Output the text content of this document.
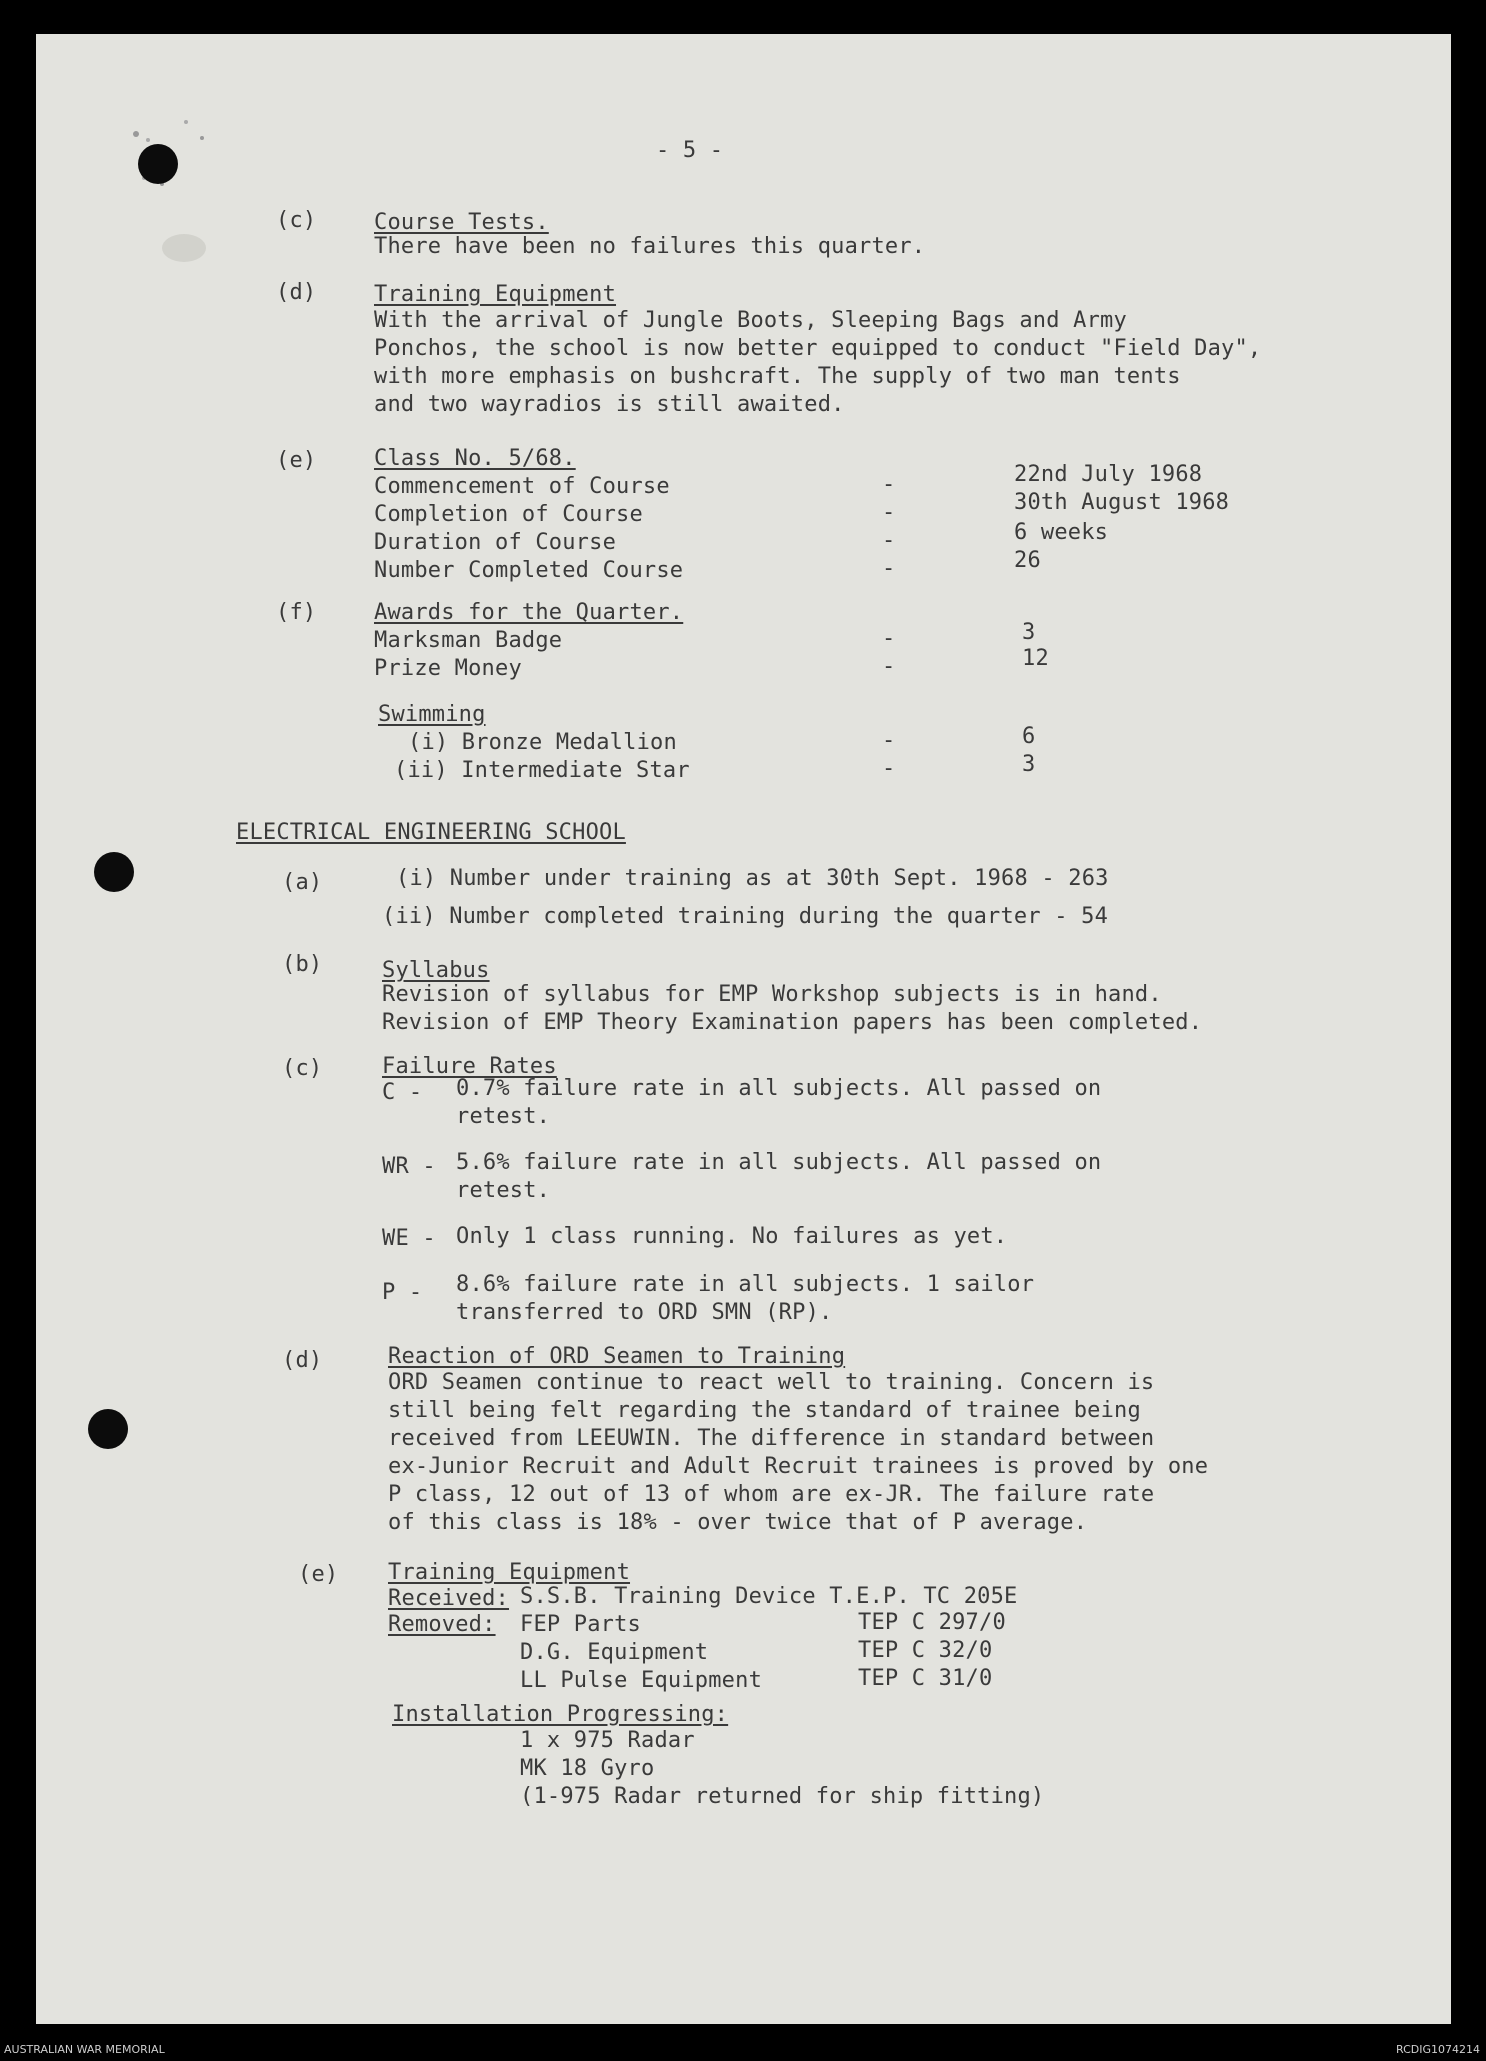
- 5 -
(c)	Course Tests.
There have been no failures this quarter.
(d)	Training Equipment
With the arrival of Jungle Boots, Sleeping Bags and Army
Ponchos, the school is now better equipped to conduct "Field Day",
with more emphasis on bushcraft. The supply of two man tents
and two wayradios is still awaited.
(e)	Class No. 5/68.
Commencement of Course	-	22nd July 1968
Completion of Course	-	30th August 1968
Duration of Course	-	6 weeks
Number Completed Course	-	26
(f)	Awards for the Quarter.
Marksman Badge	-	3
Prize Money	-	12
Swimming
(i) Bronze Medallion	-	6
(ii) Intermediate Star	-	3
ELECTRICAL ENGINEERING SCHOOL
(a)	(i) Number under training as at 30th Sept. 1968 - 263
(ii) Number completed training during the quarter - 54
(b)	Syllabus
Revision of syllabus for EMP Workshop subjects is in hand.
Revision of EMP Theory Examination papers has been completed.
(c)	Failure Rates
C - 0.7% failure rate in all subjects. All passed on
retest.
WR - 5.6% failure rate in all subjects. All passed on
retest.
WE - Only 1 class running. No failures as yet.
P - 8.6% failure rate in all subjects. 1 sailor
transferred to ORD SMN (RP).
(d)	Reaction of ORD Seamen to Training
ORD Seamen continue to react well to training. Concern is
still being felt regarding the standard of trainee being
received from LEEUWIN. The difference in standard between
ex-Junior Recruit and Adult Recruit trainees is proved by one
P class, 12 out of 13 of whom are ex-JR. The failure rate
of this class is 18% - over twice that of P average.
(e) Training Equipment
Received: S.S.B. Training Device T.E.P. TC 205E
Removed: FEP Parts	TEP C 297/0
D.G. Equipment	TEP C 32/0
LL Pulse Equipment	TEP C 31/0
Installation Progressing:
1 x 975 Radar
MK 18 Gyro
(1-975 Radar returned for ship fitting)
AUSTRALIAN WAR MEMORIAL	RCDIG1074214
